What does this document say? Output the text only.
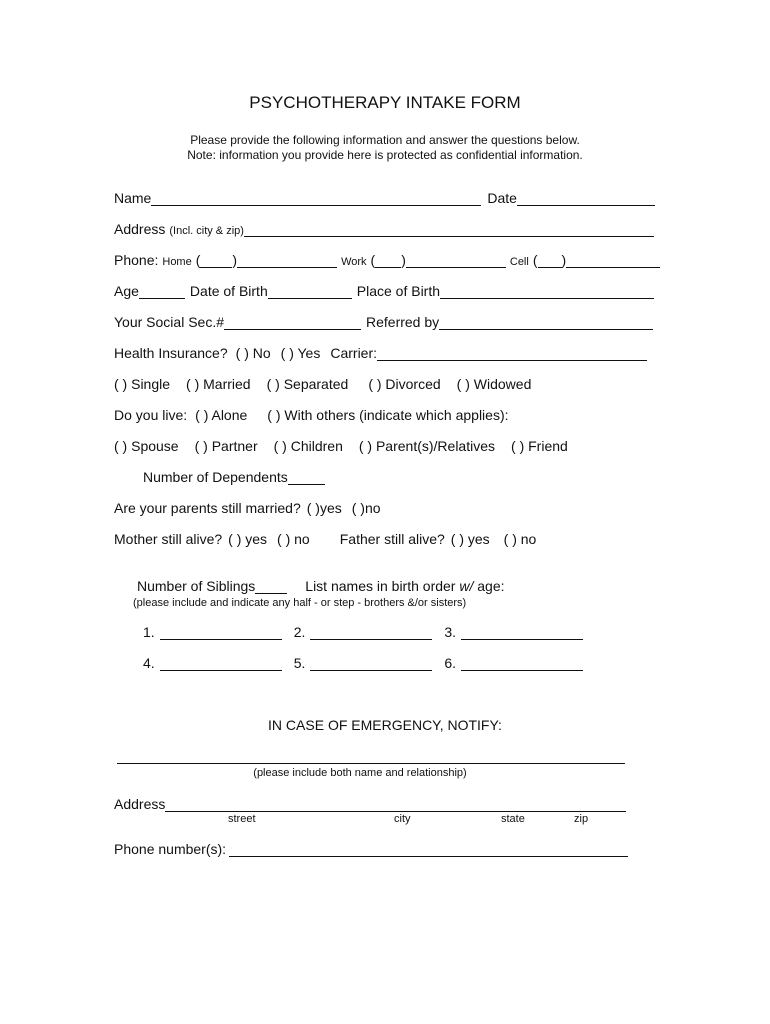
PSYCHOTHERAPY INTAKE FORM
Please provide the following information and answer the questions below.
Note: information you provide here is protected as confidential information.
Name	Date
Address (Incl. city & zip)
Phone: Home ( )	Work ( )	Cell ( )
Age	Date of Birth	Place of Birth
Your Social Sec.#	Referred by
Health Insurance? ( ) No ( ) Yes Carrier:
( ) Single ( ) Married ( ) Separated ( ) Divorced ( ) Widowed
Do you live: ( ) Alone ( ) With others (indicate which applies):
( ) Spouse ( ) Partner ( ) Children ( ) Parent(s)/Relatives ( ) Friend
Number of Dependents
Are your parents still married? ( )yes ( )no
Mother still alive? ( ) yes ( ) no Father still alive? ( ) yes ( ) no
Number of Siblings	List names in birth order w/ age:
(please include and indicate any half - or step - brothers &/or sisters)
1.	2.	3.
4.	5.	6.
IN CASE OF EMERGENCY, NOTIFY:
(please include both name and relationship)
Address
street	city	state	zip
Phone number(s):
